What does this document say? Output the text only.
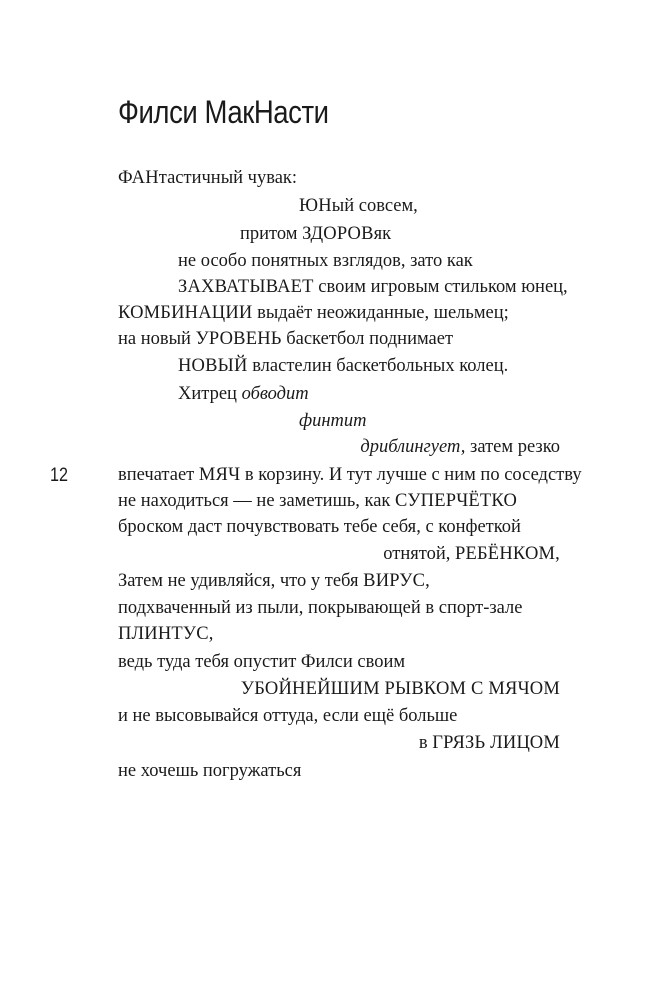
Филси МакНасти
12
ФАНтастичный чувак:
ЮНый совсем,
притом ЗДОРОВяк
не особо понятных взглядов, зато как
ЗАХВАТЫВАЕТ своим игровым стильком юнец,
КОМБИНАЦИИ выдаёт неожиданные, шельмец;
на новый УРОВЕНЬ баскетбол поднимает
НОВЫЙ властелин баскетбольных колец.
Хитрец обводит
финтит
дриблингует, затем резко
впечатает МЯЧ в корзину. И тут лучше с ним по соседству
не находиться — не заметишь, как СУПЕРЧЁТКО
броском даст почувствовать тебе себя, с конфеткой
отнятой, РЕБЁНКОМ,
Затем не удивляйся, что у тебя ВИРУС,
подхваченный из пыли, покрывающей в спорт-зале
ПЛИНТУС,
ведь туда тебя опустит Филси своим
УБОЙНЕЙШИМ РЫВКОМ С МЯЧОМ
и не высовывайся оттуда, если ещё больше
в ГРЯЗЬ ЛИЦОМ
не хочешь погружаться
